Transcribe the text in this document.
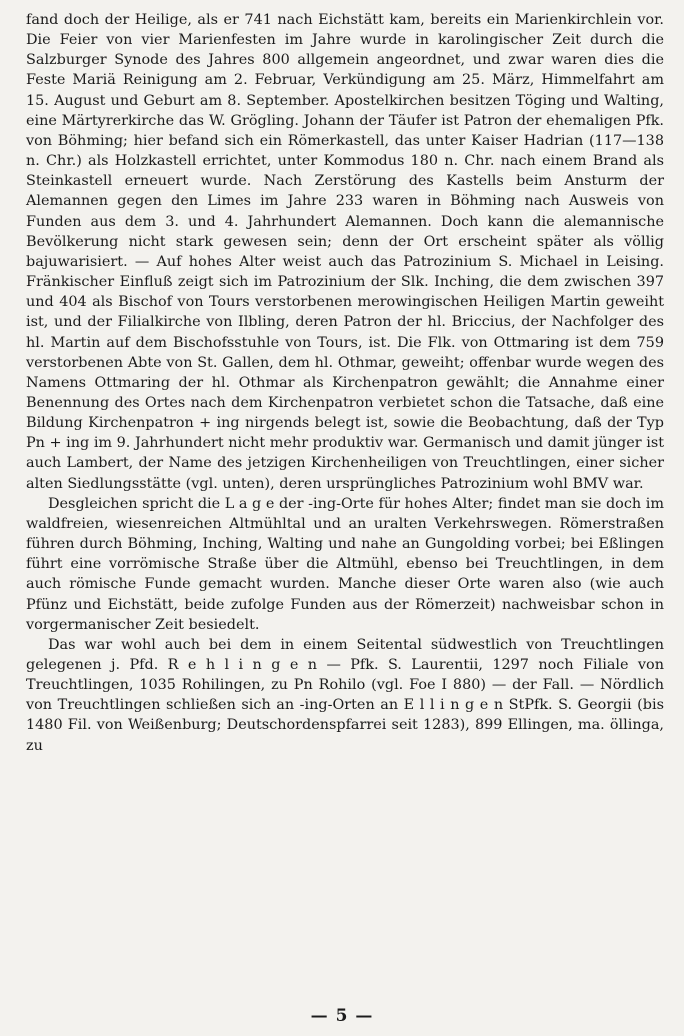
fand doch der Heilige, als er 741 nach Eichstätt kam, bereits ein Marienkirchlein vor. Die Feier von vier Marienfesten im Jahre wurde in karolingischer Zeit durch die Salzburger Synode des Jahres 800 allgemein angeordnet, und zwar waren dies die Feste Mariä Reinigung am 2. Februar, Verkündigung am 25. März, Himmelfahrt am 15. August und Geburt am 8. September. Apostelkirchen besitzen Töging und Walting, eine Märtyrerkirche das W. Grögling. Johann der Täufer ist Patron der ehemaligen Pfk. von Böhming; hier befand sich ein Römerkastell, das unter Kaiser Hadrian (117—138 n. Chr.) als Holzkastell errichtet, unter Kommodus 180 n. Chr. nach einem Brand als Steinkastell erneuert wurde. Nach Zerstörung des Kastells beim Ansturm der Alemannen gegen den Limes im Jahre 233 waren in Böhming nach Ausweis von Funden aus dem 3. und 4. Jahrhundert Alemannen. Doch kann die alemannische Bevölkerung nicht stark gewesen sein; denn der Ort erscheint später als völlig bajuwarisiert. — Auf hohes Alter weist auch das Patrozinium S. Michael in Leising. Fränkischer Einfluß zeigt sich im Patrozinium der Slk. Inching, die dem zwischen 397 und 404 als Bischof von Tours verstorbenen merowingischen Heiligen Martin geweiht ist, und der Filialkirche von Ilbling, deren Patron der hl. Briccius, der Nachfolger des hl. Martin auf dem Bischofsstuhle von Tours, ist. Die Flk. von Ottmaring ist dem 759 verstorbenen Abte von St. Gallen, dem hl. Othmar, geweiht; offenbar wurde wegen des Namens Ottmaring der hl. Othmar als Kirchenpatron gewählt; die Annahme einer Benennung des Ortes nach dem Kirchenpatron verbietet schon die Tatsache, daß eine Bildung Kirchenpatron + ing nirgends belegt ist, sowie die Beobachtung, daß der Typ Pn + ing im 9. Jahrhundert nicht mehr produktiv war. Germanisch und damit jünger ist auch Lambert, der Name des jetzigen Kirchenheiligen von Treuchtlingen, einer sicher alten Siedlungsstätte (vgl. unten), deren ursprüngliches Patrozinium wohl BMV war.

Desgleichen spricht die L a g e der -ing-Orte für hohes Alter; findet man sie doch im waldfreien, wiesenreichen Altmühltal und an uralten Verkehrswegen. Römerstraßen führen durch Böhming, Inching, Walting und nahe an Gungolding vorbei; bei Eßlingen führt eine vorrömische Straße über die Altmühl, ebenso bei Treuchtlingen, in dem auch römische Funde gemacht wurden. Manche dieser Orte waren also (wie auch Pfünz und Eichstätt, beide zufolge Funden aus der Römerzeit) nachweisbar schon in vorgermanischer Zeit besiedelt.

Das war wohl auch bei dem in einem Seitental südwestlich von Treuchtlingen gelegenen j. Pfd. R e h l i n g e n — Pfk. S. Laurentii, 1297 noch Filiale von Treuchtlingen, 1035 Rohilingen, zu Pn Rohilo (vgl. Foe I 880) — der Fall. — Nördlich von Treuchtlingen schließen sich an -ing-Orten an E l l i n g e n StPfk. S. Georgii (bis 1480 Fil. von Weißenburg; Deutschordenspfarrei seit 1283), 899 Ellingen, ma. öllinga, zu

— 5 —
